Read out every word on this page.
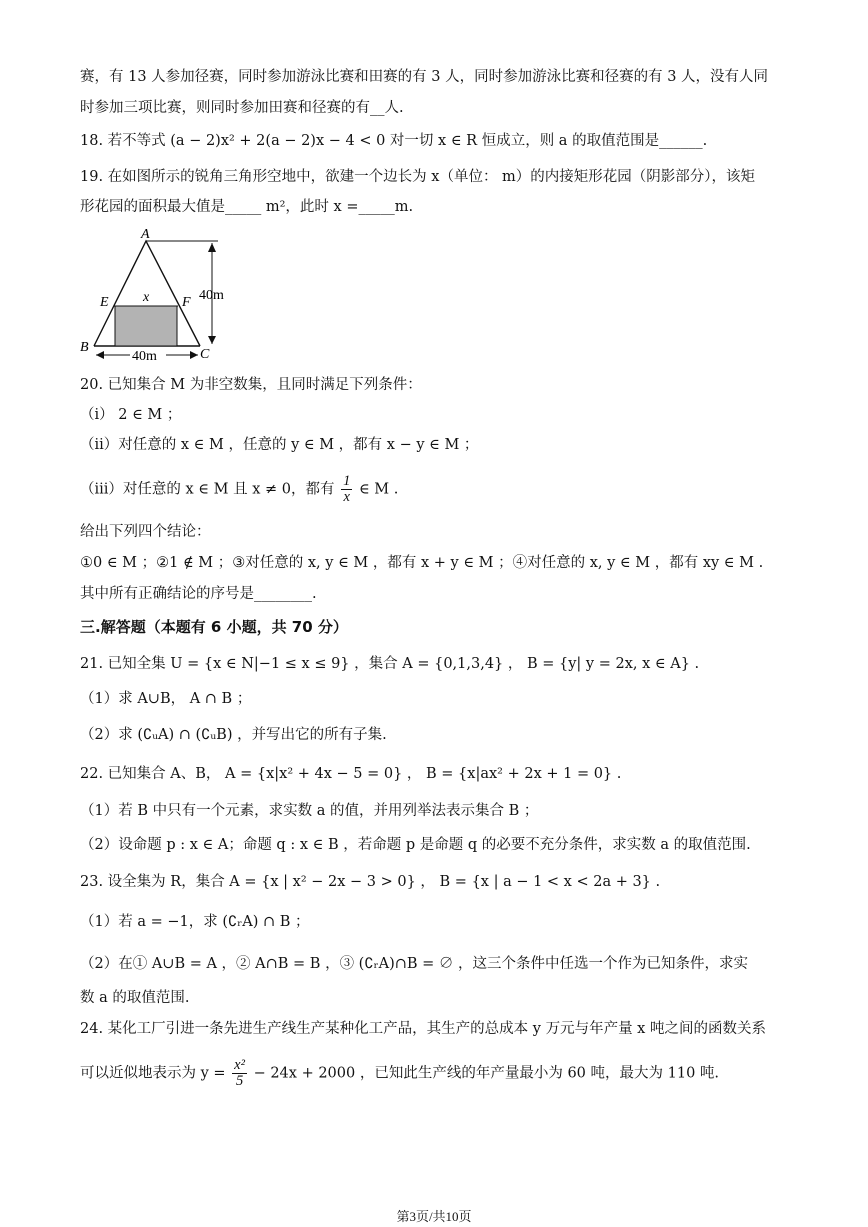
赛，有 13 人参加径赛，同时参加游泳比赛和田赛的有 3 人，同时参加游泳比赛和径赛的有 3 人，没有人同
时参加三项比赛，则同时参加田赛和径赛的有__人.
18. 若不等式 (a − 2)x² + 2(a − 2)x − 4 < 0 对一切 x ∈ R 恒成立，则 a 的取值范围是______.
19. 在如图所示的锐角三角形空地中，欲建一个边长为 x（单位： m）的内接矩形花园（阴影部分），该矩
形花园的面积最大值是_____ m²，此时 x =_____m.
A
B	C
E	F
x	40m
40m
20. 已知集合 M 为非空数集，且同时满足下列条件：
（ⅰ） 2 ∈ M ；
（ⅱ）对任意的 x ∈ M ，任意的 y ∈ M ，都有 x − y ∈ M ；
（ⅲ）对任意的 x ∈ M 且 x ≠ 0，都有 $\frac{1}{x}$ ∈ M .
给出下列四个结论：
①0 ∈ M ；②1 ∉ M ；③对任意的 x, y ∈ M ，都有 x + y ∈ M ；④对任意的 x, y ∈ M ，都有 xy ∈ M .
其中所有正确结论的序号是________.
三.解答题（本题有 6 小题，共 70 分）
21. 已知全集 U = {x ∈ N|−1 ≤ x ≤ 9} ，集合 A = {0,1,3,4} ， B = {y| y = 2x, x ∈ A} .
（1）求 A∪B， A ∩ B ；
（2）求 (∁ᵤA) ∩ (∁ᵤB) ，并写出它的所有子集.
22. 已知集合 A、B， A = {x|x² + 4x − 5 = 0} ， B = {x|ax² + 2x + 1 = 0} .
（1）若 B 中只有一个元素，求实数 a 的值，并用列举法表示集合 B ；
（2）设命题 p : x ∈ A；命题 q : x ∈ B ，若命题 p 是命题 q 的必要不充分条件，求实数 a 的取值范围.
23. 设全集为 R，集合 A = {x | x² − 2x − 3 > 0} ， B = {x | a − 1 < x < 2a + 3} .
（1）若 a = −1，求 (∁ᵣA) ∩ B ；
（2）在① A∪B = A ，② A∩B = B ，③ (∁ᵣA)∩B = ∅ ，这三个条件中任选一个作为已知条件，求实
数 a 的取值范围.
24. 某化工厂引进一条先进生产线生产某种化工产品，其生产的总成本 y 万元与年产量 x 吨之间的函数关系
可以近似地表示为 $y = \frac{\text{x²}}{5} - 24x + 2000$ ，已知此生产线的年产量最小为 60 吨，最大为 110 吨.
第3页/共10页
